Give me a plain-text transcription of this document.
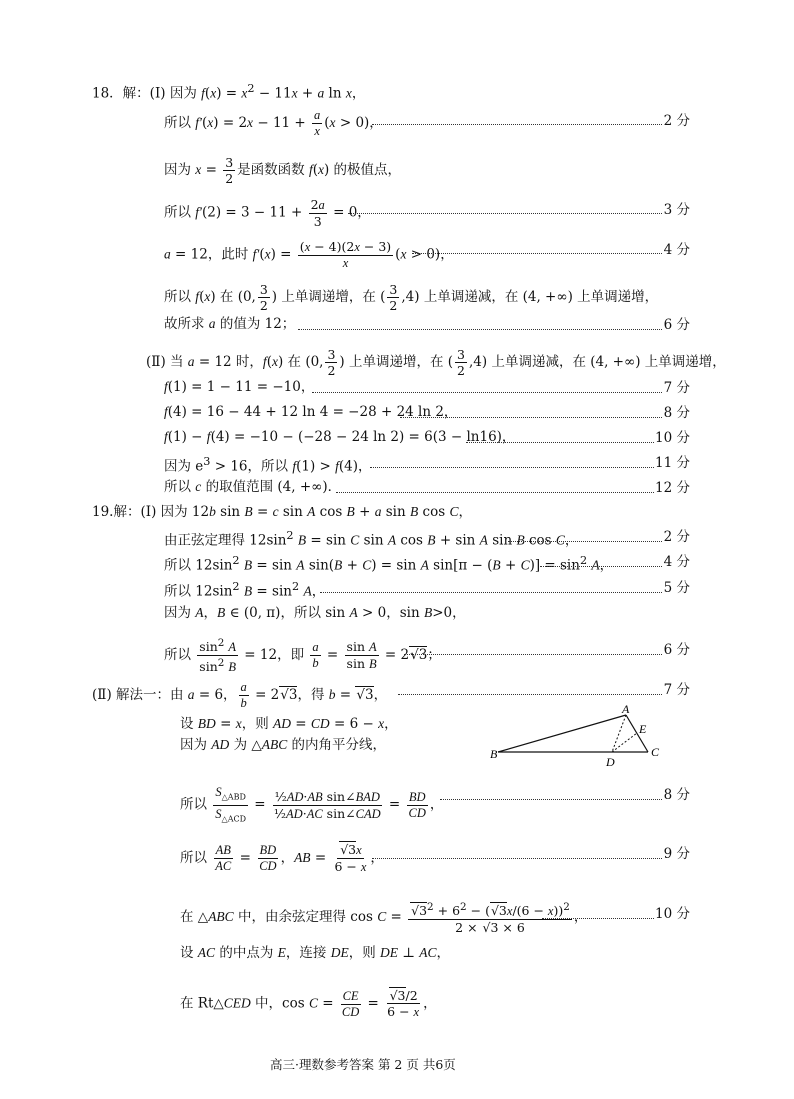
18．解：(Ⅰ) 因为 $f(x) = x^2 - 11x + a$ ln x，
所以 $f'(x) = 2x - 11 + \frac{a}{x} (x > 0)$，	2 分
因为 $x = \frac{3}{2}$ 是函数函数 f(x) 的极值点，
所以 $f'(2) = 3 - 11 + \frac{2a}{3} = 0$，	3 分
a = 12，此时 $f'(x) = \frac{(x - 4)(2x - 3)}{x} (x > 0)$，	4 分
所以 f(x) 在 (0, $\frac{3}{2}$ ) 上单调递增，在 ( $\frac{3}{2} ,4$) 上单调递减，在 (4, +∞) 上单调递增，
故所求 a 的值为 12；	6 分
(Ⅱ) 当 a = 12 时，f(x) 在 (0, $\frac{3}{2}$ ) 上单调递增，在 ( $\frac{3}{2} ,4$) 上单调递减，在 (4, +∞) 上单调递增，
f(1) = 1 − 11 = −10，	7 分
f(4) = 16 − 44 + 12 ln 4 = −28 + 24 ln 2，	8 分
f(1) − f(4) = −10 − (−28 − 24 ln 2) = 6(3 − ln16)，	10 分
因为 $e^3 > 16$，所以 f(1) > f(4)，	11 分
所以 c 的取值范围 (4, +∞)．	12 分
19.解：(Ⅰ) 因为 12b sin B = c sin A cos B + a sin B cos C，
由正弦定理得 $12\sin^2$ B = sin C sin A cos B + sin A sin B cos C，	2 分
所以 $12\sin^2$ B = sin A sin(B + C) = sin A $\sin[\pi - (B + C)] = \sin^2 A$，	4 分
所以 $12\sin^2$ $B = \sin^2 A$，	5 分
因为 A，B ∈ (0, π)，所以 sin A > 0，sin B>0，
所以 $\frac{\sin^2 A}{\sin^2 B} = 12$，即 $\frac{a}{b} = \frac{\text{sin A}}{\text{sin B}} = 2√3$；	6 分
(Ⅱ) 解法一：由 a = 6， $\frac{a}{b} = 2√3$，得 b = √3，	7 分
设 BD = x，则 AD = CD = 6 − x，
因为 AD 为 △ABC 的内角平分线，
A
B	C
D
E
所以 $\frac{S_{\triangle ABD}}{S_{\triangle ACD}} = \frac{\text{½AD·AB sin∠BAD}}{\text{½AD·AC sin∠CAD}} = \frac{BD}{CD}$ ，
8 分
所以 $\frac{AB}{AC} = \frac{BD}{CD}$ ，AB = $\frac{√3x}{6 - x}$ ，	9 分
在 △ABC 中，由余弦定理得 $\cos C = \frac{√3^2 + 6^2 - (√3x/(6 - x))^2}{2 \times √3 \times 6}$ ，	10 分
设 AC 的中点为 E，连接 DE，则 DE ⊥ AC，
在 Rt△CED 中，$\cos C = \frac{CE}{CD} = \frac{√3/2}{6 - x}$ ，
高三·理数参考答案 第 2 页 共6页
